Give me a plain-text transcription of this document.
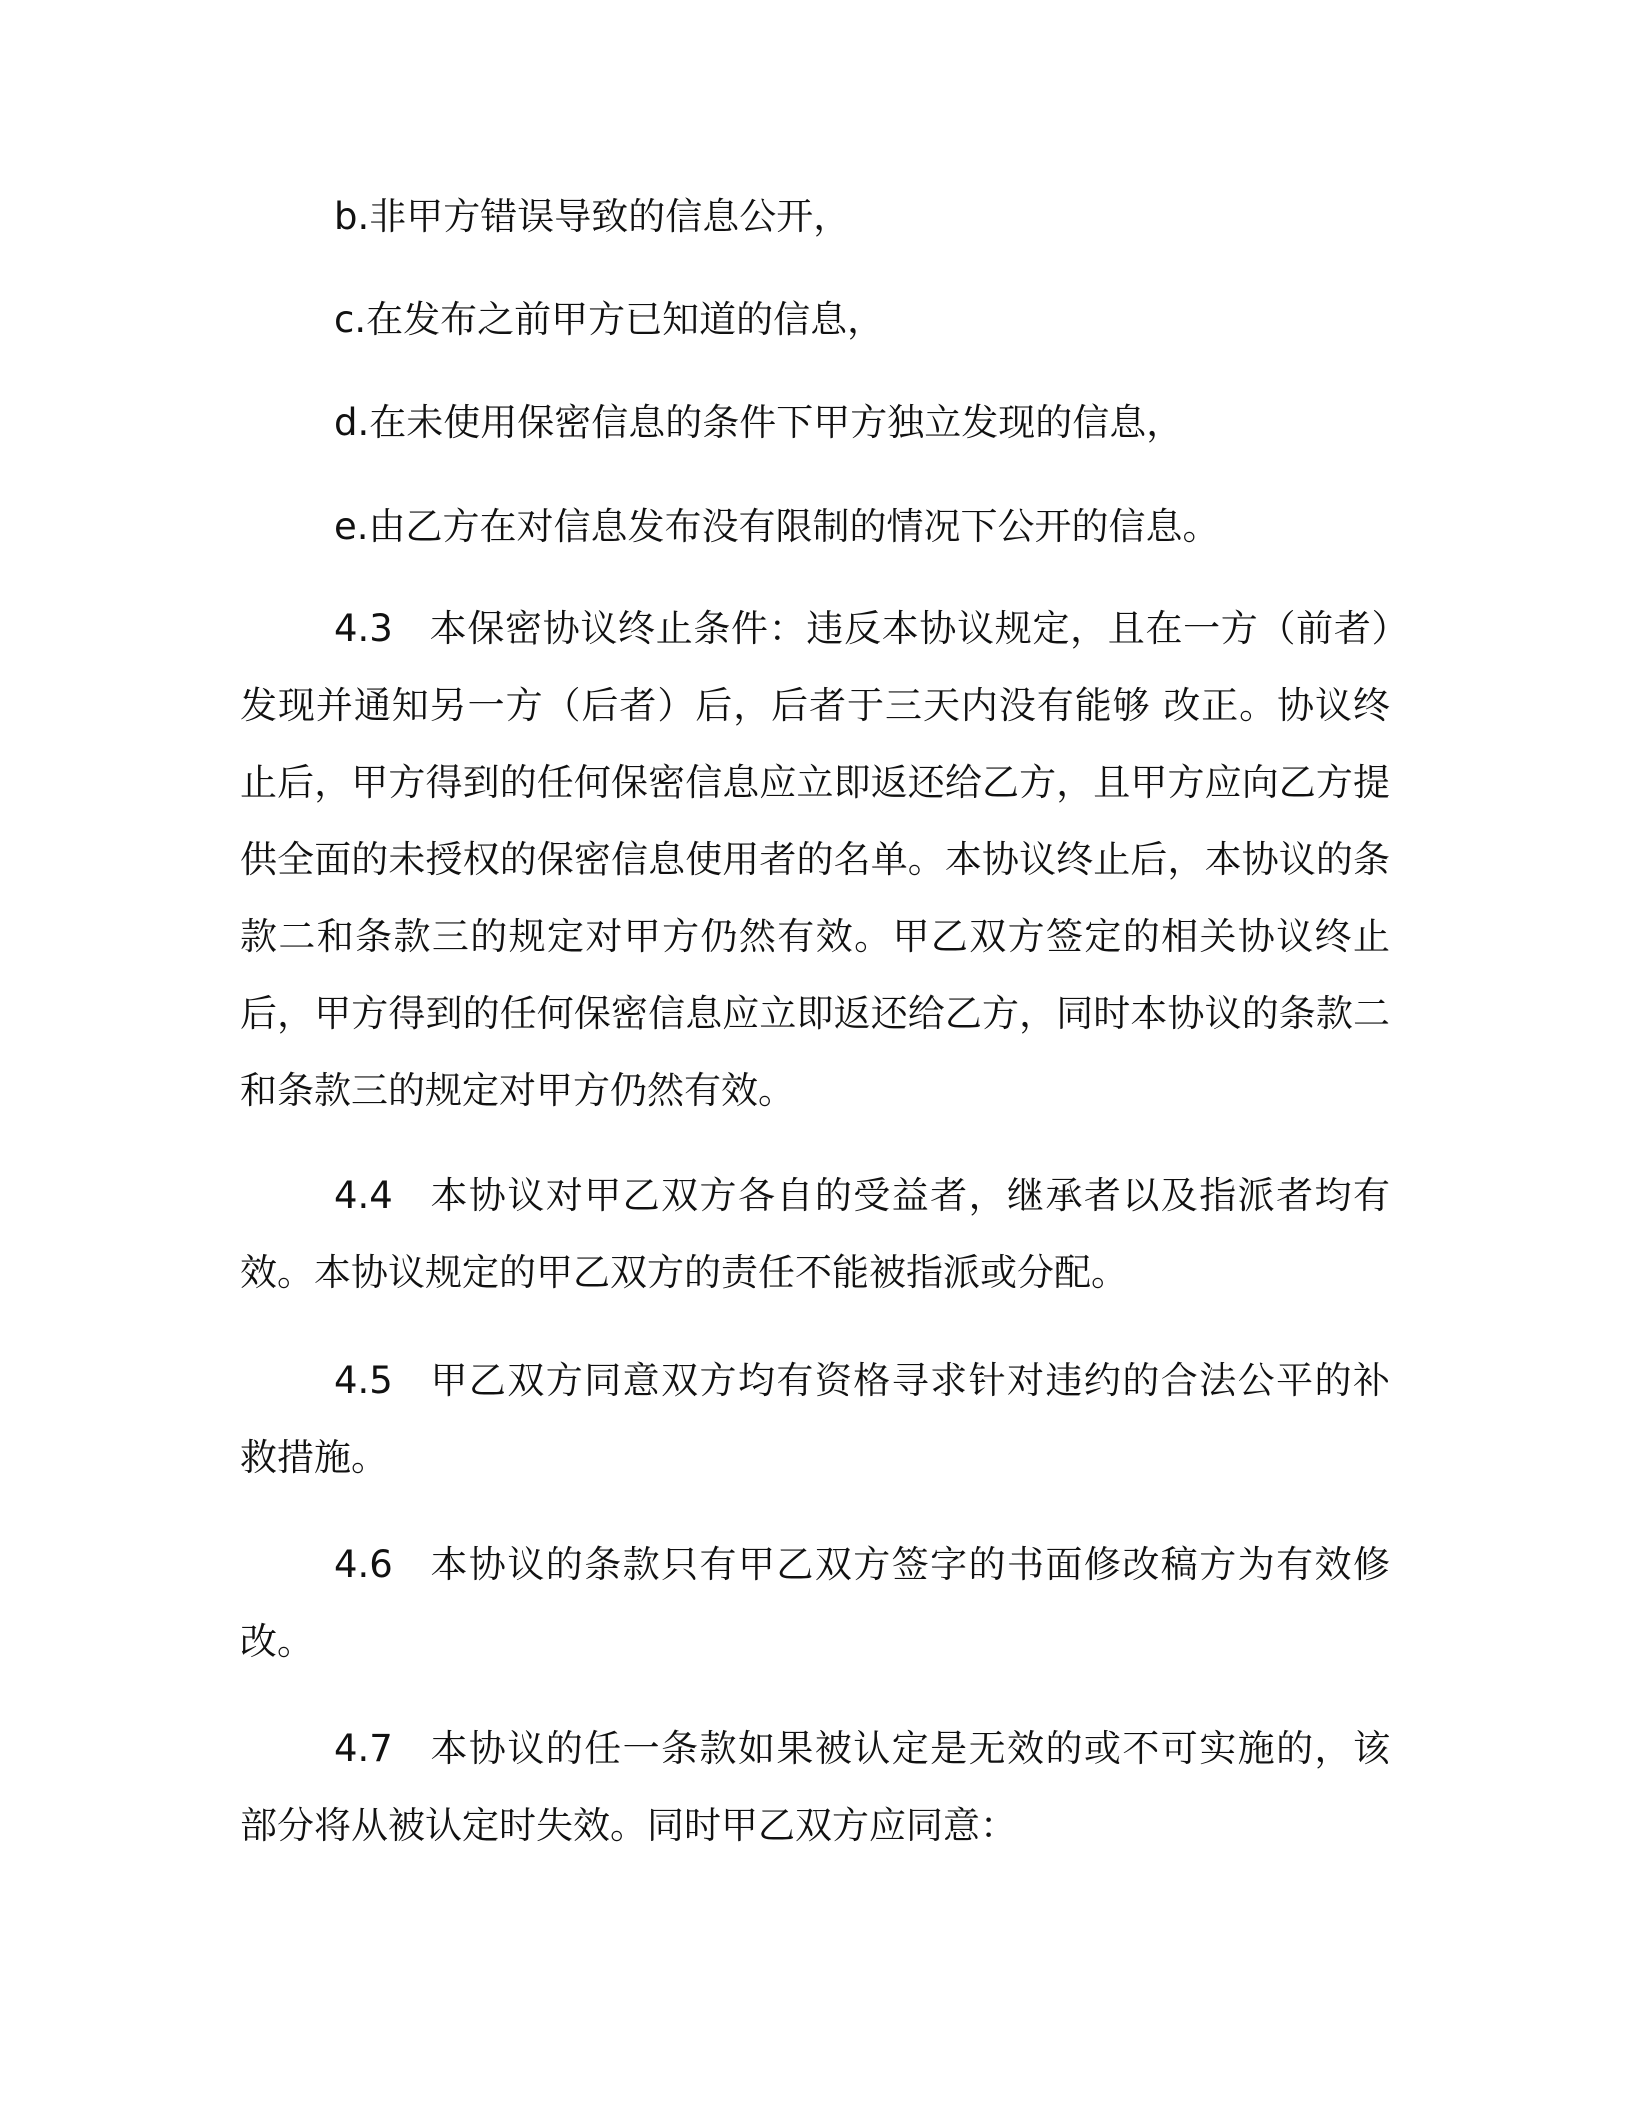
b.非甲方错误导致的信息公开，
c.在发布之前甲方已知道的信息，
d.在未使用保密信息的条件下甲方独立发现的信息，
e.由乙方在对信息发布没有限制的情况下公开的信息。
4.3 本保密协议终止条件：违反本协议规定，且在一方（前者）发现并通知另一方（后者）后，后者于三天内没有能够 改正。协议终止后，甲方得到的任何保密信息应立即返还给乙方，且甲方应向乙方提供全面的未授权的保密信息使用者的名单。本协议终止后，本协议的条款二和条款三的规定对甲方仍然有效。甲乙双方签定的相关协议终止后，甲方得到的任何保密信息应立即返还给乙方，同时本协议的条款二和条款三的规定对甲方仍然有效。
4.4 本协议对甲乙双方各自的受益者，继承者以及指派者均有效。本协议规定的甲乙双方的责任不能被指派或分配。
4.5 甲乙双方同意双方均有资格寻求针对违约的合法公平的补救措施。
4.6 本协议的条款只有甲乙双方签字的书面修改稿方为有效修改。
4.7 本协议的任一条款如果被认定是无效的或不可实施的，该部分将从被认定时失效。同时甲乙双方应同意：
